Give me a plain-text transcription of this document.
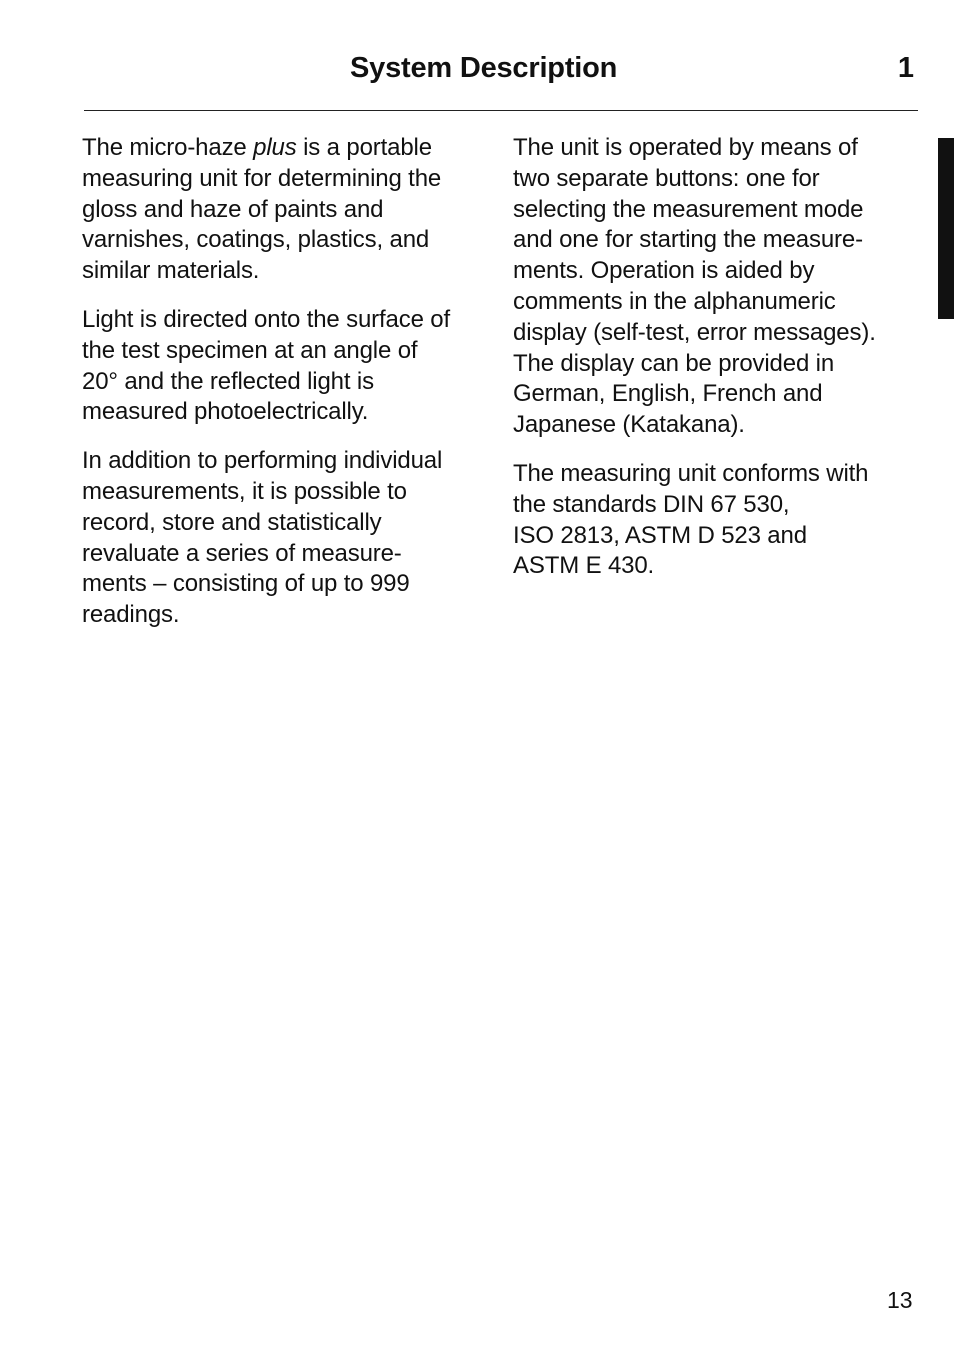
System Description	1

The micro-haze plus is a portable
measuring unit for determining the
gloss and haze of paints and
varnishes, coatings, plastics, and
similar materials.

Light is directed onto the surface of
the test specimen at an angle of
20° and the reflected light is
measured photoelectrically.

In addition to performing individual
measurements, it is possible to
record, store and statistically
revaluate a series of measure-
ments – consisting of up to 999
readings.

The unit is operated by means of
two separate buttons: one for
selecting the measurement mode
and one for starting the measure-
ments. Operation is aided by
comments in the alphanumeric
display (self-test, error messages).
The display can be provided in
German, English, French and
Japanese (Katakana).

The measuring unit conforms with
the standards DIN 67 530,
ISO 2813, ASTM D 523 and
ASTM E 430.

13
